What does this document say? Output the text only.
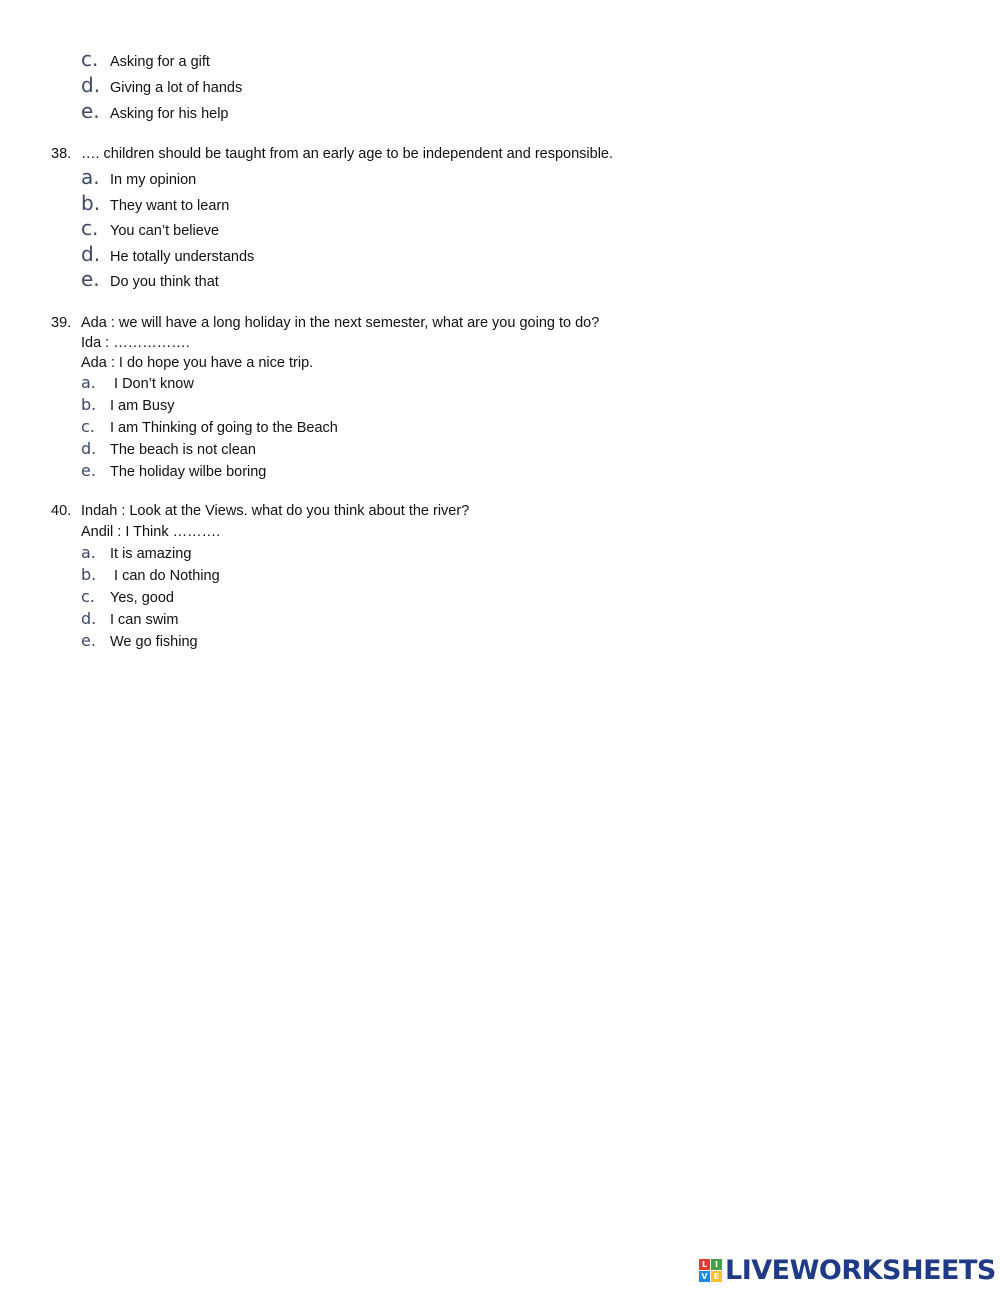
c. Asking for a gift
d. Giving a lot of hands
e. Asking for his help
38. …. children should be taught from an early age to be independent and responsible.
a. In my opinion
b. They want to learn
c. You can’t believe
d. He totally understands
e. Do you think that
39. Ada : we will have a long holiday in the next semester, what are you going to do?
Ida : …………….
Ada : I do hope you have a nice trip.
a. I Don’t know
b. I am Busy
c. I am Thinking of going to the Beach
d. The beach is not clean
e. The holiday wilbe boring
40. Indah : Look at the Views. what do you think about the river?
Andil : I Think ……….
a. It is amazing
b. I can do Nothing
c. Yes, good
d. I can swim
e. We go fishing
L I
V E LIVEWORKSHEETS
